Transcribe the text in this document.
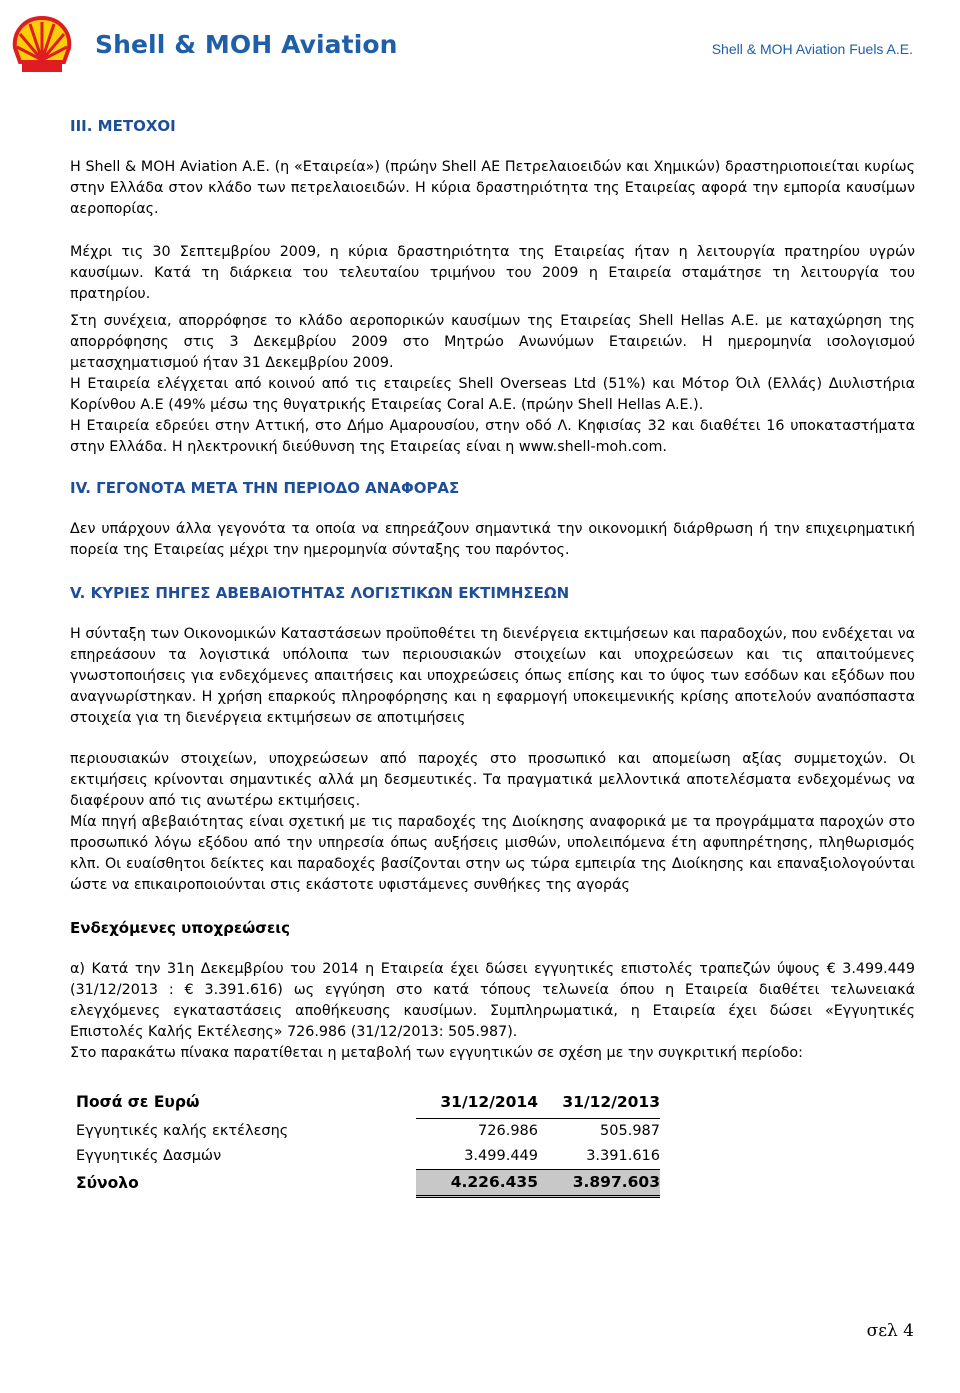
Shell & MOH Aviation	Shell & MOH Aviation Fuels A.E.
III. ΜΕΤΟΧΟΙ

Η Shell & MOH Aviation A.E. (η «Εταιρεία») (πρώην Shell AE Πετρελαιοειδών και Χημικών) δραστηριοποιείται κυρίως στην Ελλάδα στον κλάδο των πετρελαιοειδών. Η κύρια δραστηριότητα της Εταιρείας αφορά την εμπορία καυσίμων αεροπορίας.

Μέχρι τις 30 Σεπτεμβρίου 2009, η κύρια δραστηριότητα της Εταιρείας ήταν η λειτουργία πρατηρίου υγρών καυσίμων. Κατά τη διάρκεια του τελευταίου τριμήνου του 2009 η Εταιρεία σταμάτησε τη λειτουργία του πρατηρίου.

Στη συνέχεια, απορρόφησε το κλάδο αεροπορικών καυσίμων της Εταιρείας Shell Hellas A.E. με καταχώρηση της απορρόφησης στις 3 Δεκεμβρίου 2009 στο Μητρώο Ανωνύμων Εταιρειών. Η ημερομηνία ισολογισμού μετασχηματισμού ήταν 31 Δεκεμβρίου 2009.

Η Εταιρεία ελέγχεται από κοινού από τις εταιρείες Shell Overseas Ltd (51%) και Μότορ Όιλ (Ελλάς) Διυλιστήρια Κορίνθου Α.Ε (49% μέσω της θυγατρικής Εταιρείας Coral A.E. (πρώην Shell Hellas A.E.).

Η Εταιρεία εδρεύει στην Αττική, στο Δήμο Αμαρουσίου, στην οδό Λ. Κηφισίας 32 και διαθέτει 16 υποκαταστήματα στην Ελλάδα. Η ηλεκτρονική διεύθυνση της Εταιρείας είναι η www.shell-moh.com.

IV. ΓΕΓΟΝΟΤΑ ΜΕΤΑ ΤΗΝ ΠΕΡΙΟΔΟ ΑΝΑΦΟΡΑΣ

Δεν υπάρχουν άλλα γεγονότα τα οποία να επηρεάζουν σημαντικά την οικονομική διάρθρωση ή την επιχειρηματική πορεία της Εταιρείας μέχρι την ημερομηνία σύνταξης του παρόντος.

V. ΚΥΡΙΕΣ ΠΗΓΕΣ ΑΒΕΒΑΙΟΤΗΤΑΣ ΛΟΓΙΣΤΙΚΩΝ ΕΚΤΙΜΗΣΕΩΝ

Η σύνταξη των Οικονομικών Καταστάσεων προϋποθέτει τη διενέργεια εκτιμήσεων και παραδοχών, που ενδέχεται να επηρεάσουν τα λογιστικά υπόλοιπα των περιουσιακών στοιχείων και υποχρεώσεων και τις απαιτούμενες γνωστοποιήσεις για ενδεχόμενες απαιτήσεις και υποχρεώσεις όπως επίσης και το ύψος των εσόδων και εξόδων που αναγνωρίστηκαν. Η χρήση επαρκούς πληροφόρησης και η εφαρμογή υποκειμενικής κρίσης αποτελούν αναπόσπαστα στοιχεία για τη διενέργεια εκτιμήσεων σε αποτιμήσεις

περιουσιακών στοιχείων, υποχρεώσεων από παροχές στο προσωπικό και απομείωση αξίας συμμετοχών. Οι εκτιμήσεις κρίνονται σημαντικές αλλά μη δεσμευτικές. Τα πραγματικά μελλοντικά αποτελέσματα ενδεχομένως να διαφέρουν από τις ανωτέρω εκτιμήσεις.

Μία πηγή αβεβαιότητας είναι σχετική με τις παραδοχές της Διοίκησης αναφορικά με τα προγράμματα παροχών στο προσωπικό λόγω εξόδου από την υπηρεσία όπως αυξήσεις μισθών, υπολειπόμενα έτη αφυπηρέτησης, πληθωρισμός κλπ. Οι ευαίσθητοι δείκτες και παραδοχές βασίζονται στην ως τώρα εμπειρία της Διοίκησης και επαναξιολογούνται ώστε να επικαιροποιούνται στις εκάστοτε υφιστάμενες συνθήκες της αγοράς

Ενδεχόμενες υποχρεώσεις

α) Κατά την 31η Δεκεμβρίου του 2014 η Εταιρεία έχει δώσει εγγυητικές επιστολές τραπεζών ύψους € 3.499.449 (31/12/2013 : € 3.391.616) ως εγγύηση στο κατά τόπους τελωνεία όπου η Εταιρεία διαθέτει τελωνειακά ελεγχόμενες εγκαταστάσεις αποθήκευσης καυσίμων. Συμπληρωματικά, η Εταιρεία έχει δώσει «Εγγυητικές Επιστολές Καλής Εκτέλεσης» 726.986 (31/12/2013: 505.987).

Στο παρακάτω πίνακα παρατίθεται η μεταβολή των εγγυητικών σε σχέση με την συγκριτική περίοδο:

Ποσά σε Ευρώ	31/12/2014	31/12/2013
Εγγυητικές καλής εκτέλεσης	726.986	505.987
Εγγυητικές Δασμών	3.499.449	3.391.616
Σύνολο	4.226.435	3.897.603
σελ 4
